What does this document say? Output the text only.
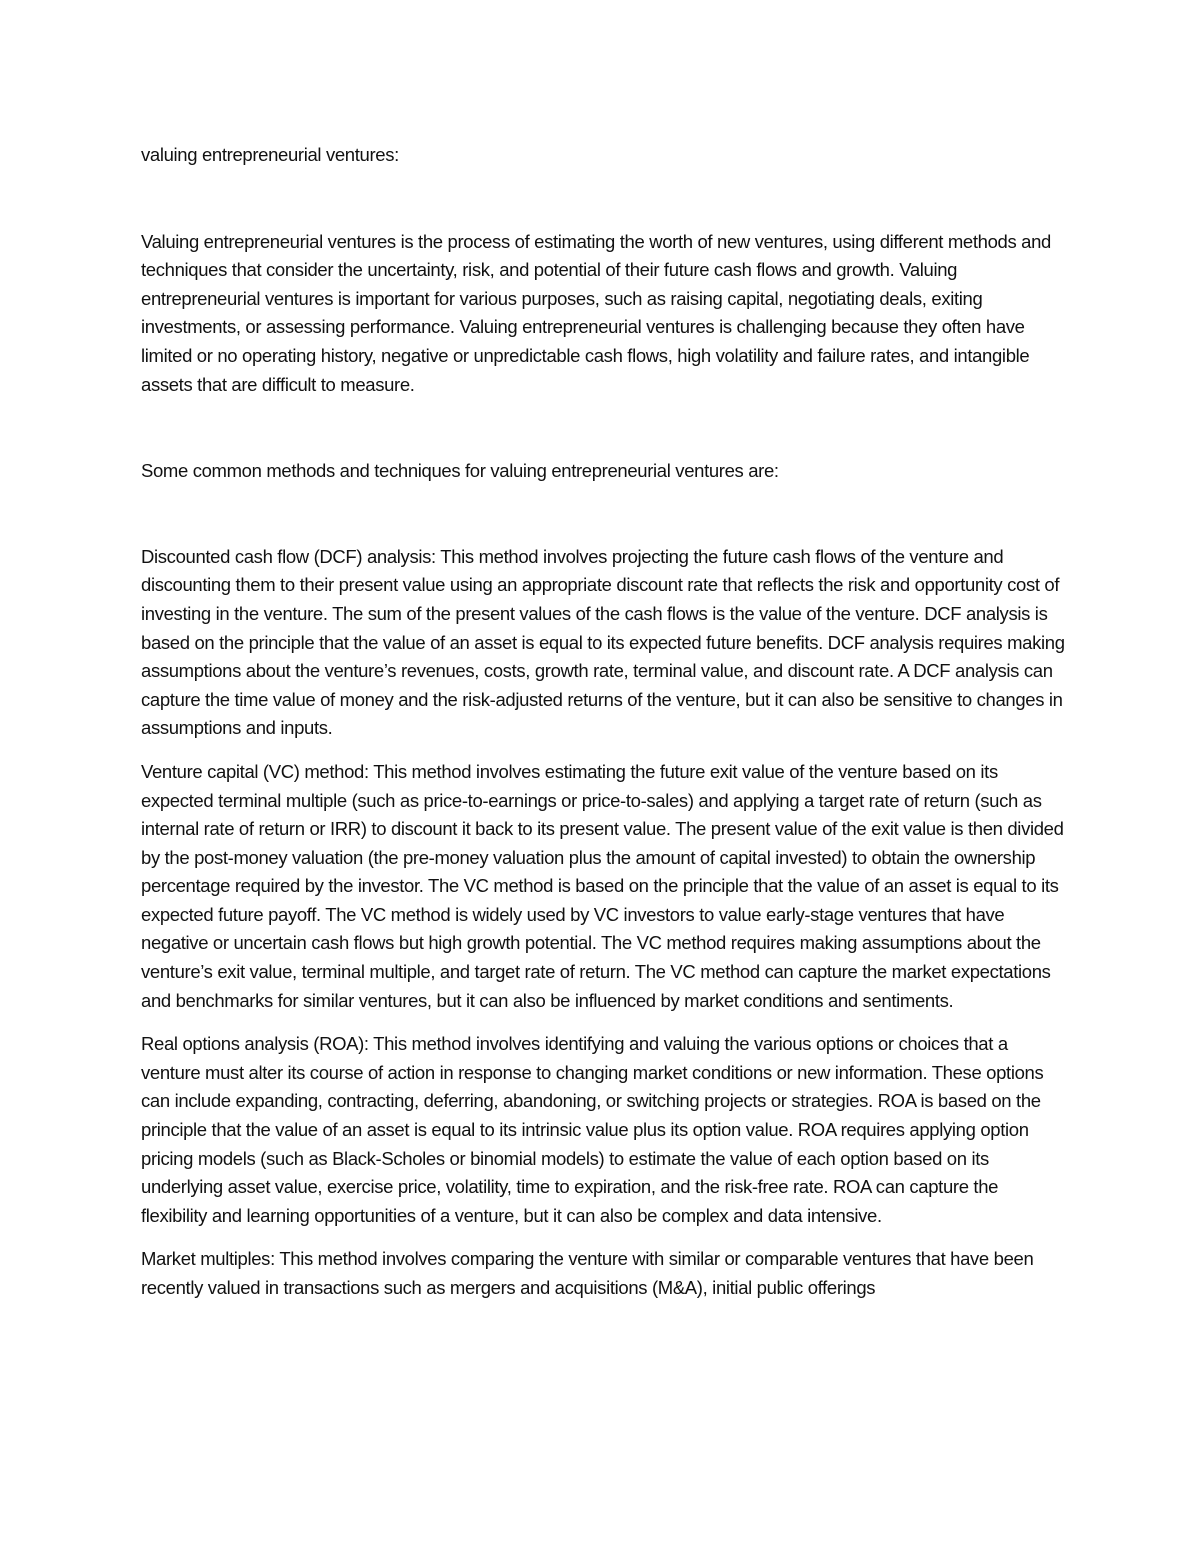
valuing entrepreneurial ventures:

Valuing entrepreneurial ventures is the process of estimating the worth of new ventures, using different methods and techniques that consider the uncertainty, risk, and potential of their future cash flows and growth. Valuing entrepreneurial ventures is important for various purposes, such as raising capital, negotiating deals, exiting investments, or assessing performance. Valuing entrepreneurial ventures is challenging because they often have limited or no operating history, negative or unpredictable cash flows, high volatility and failure rates, and intangible assets that are difficult to measure.

Some common methods and techniques for valuing entrepreneurial ventures are:

Discounted cash flow (DCF) analysis: This method involves projecting the future cash flows of the venture and discounting them to their present value using an appropriate discount rate that reflects the risk and opportunity cost of investing in the venture. The sum of the present values of the cash flows is the value of the venture. DCF analysis is based on the principle that the value of an asset is equal to its expected future benefits. DCF analysis requires making assumptions about the venture’s revenues, costs, growth rate, terminal value, and discount rate. A DCF analysis can capture the time value of money and the risk-adjusted returns of the venture, but it can also be sensitive to changes in assumptions and inputs.

Venture capital (VC) method: This method involves estimating the future exit value of the venture based on its expected terminal multiple (such as price-to-earnings or price-to-sales) and applying a target rate of return (such as internal rate of return or IRR) to discount it back to its present value. The present value of the exit value is then divided by the post-money valuation (the pre-money valuation plus the amount of capital invested) to obtain the ownership percentage required by the investor. The VC method is based on the principle that the value of an asset is equal to its expected future payoff. The VC method is widely used by VC investors to value early-stage ventures that have negative or uncertain cash flows but high growth potential. The VC method requires making assumptions about the venture’s exit value, terminal multiple, and target rate of return. The VC method can capture the market expectations and benchmarks for similar ventures, but it can also be influenced by market conditions and sentiments.

Real options analysis (ROA): This method involves identifying and valuing the various options or choices that a venture must alter its course of action in response to changing market conditions or new information. These options can include expanding, contracting, deferring, abandoning, or switching projects or strategies. ROA is based on the principle that the value of an asset is equal to its intrinsic value plus its option value. ROA requires applying option pricing models (such as Black-Scholes or binomial models) to estimate the value of each option based on its underlying asset value, exercise price, volatility, time to expiration, and the risk-free rate. ROA can capture the flexibility and learning opportunities of a venture, but it can also be complex and data intensive.

Market multiples: This method involves comparing the venture with similar or comparable ventures that have been recently valued in transactions such as mergers and acquisitions (M&A), initial public offerings
